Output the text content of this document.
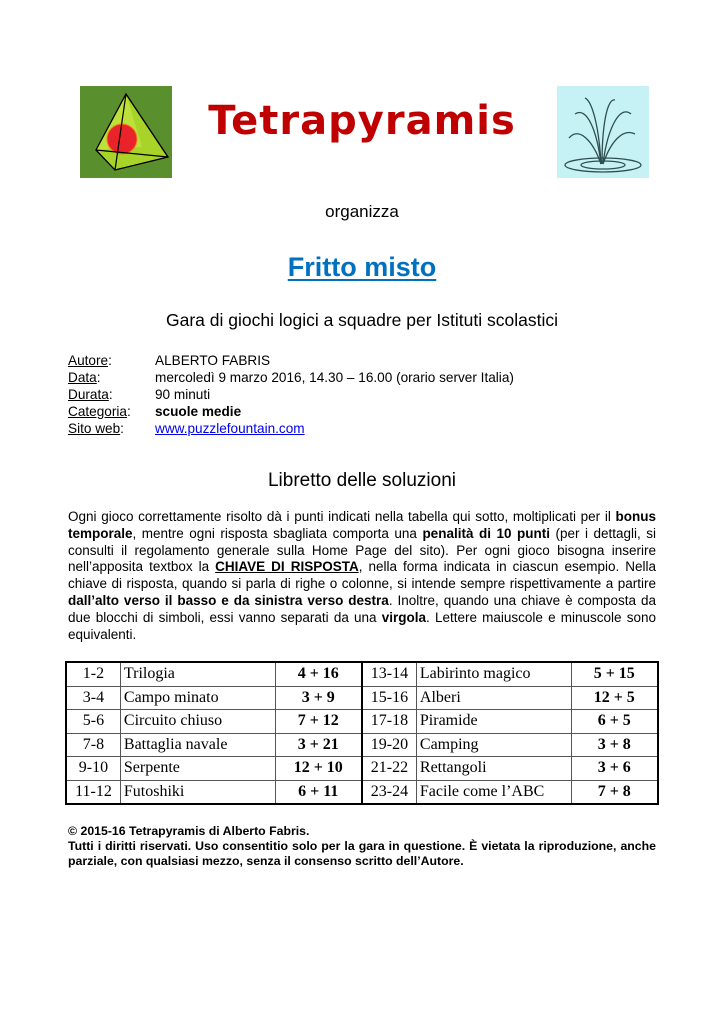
Tetrapyramis
organizza
Fritto misto
Gara di giochi logici a squadre per Istituti scolastici
Autore:	ALBERTO FABRIS
Data:	mercoledì 9 marzo 2016, 14.30 – 16.00 (orario server Italia)
Durata:	90 minuti
Categoria:	scuole medie
Sito web:	www.puzzlefountain.com
Libretto delle soluzioni
Ogni gioco correttamente risolto dà i punti indicati nella tabella qui sotto, moltiplicati per il bonus temporale, mentre ogni risposta sbagliata comporta una penalità di 10 punti (per i dettagli, si consulti il regolamento generale sulla Home Page del sito). Per ogni gioco bisogna inserire nell’apposita textbox la CHIAVE DI RISPOSTA, nella forma indicata in ciascun esempio. Nella chiave di risposta, quando si parla di righe o colonne, si intende sempre rispettivamente a partire dall’alto verso il basso e da sinistra verso destra. Inoltre, quando una chiave è composta da due blocchi di simboli, essi vanno separati da una virgola. Lettere maiuscole e minuscole sono equivalenti.
1-2	Trilogia	4 + 16	13-14	Labirinto magico	5 + 15
3-4	Campo minato	3 + 9	15-16	Alberi	12 + 5
5-6	Circuito chiuso	7 + 12	17-18	Piramide	6 + 5
7-8	Battaglia navale	3 + 21	19-20	Camping	3 + 8
9-10	Serpente	12 + 10	21-22	Rettangoli	3 + 6
11-12	Futoshiki	6 + 11	23-24	Facile come l’ABC	7 + 8
© 2015-16 Tetrapyramis di Alberto Fabris.
Tutti i diritti riservati. Uso consentitio solo per la gara in questione. È vietata la riproduzione, anche parziale, con qualsiasi mezzo, senza il consenso scritto dell’Autore.
